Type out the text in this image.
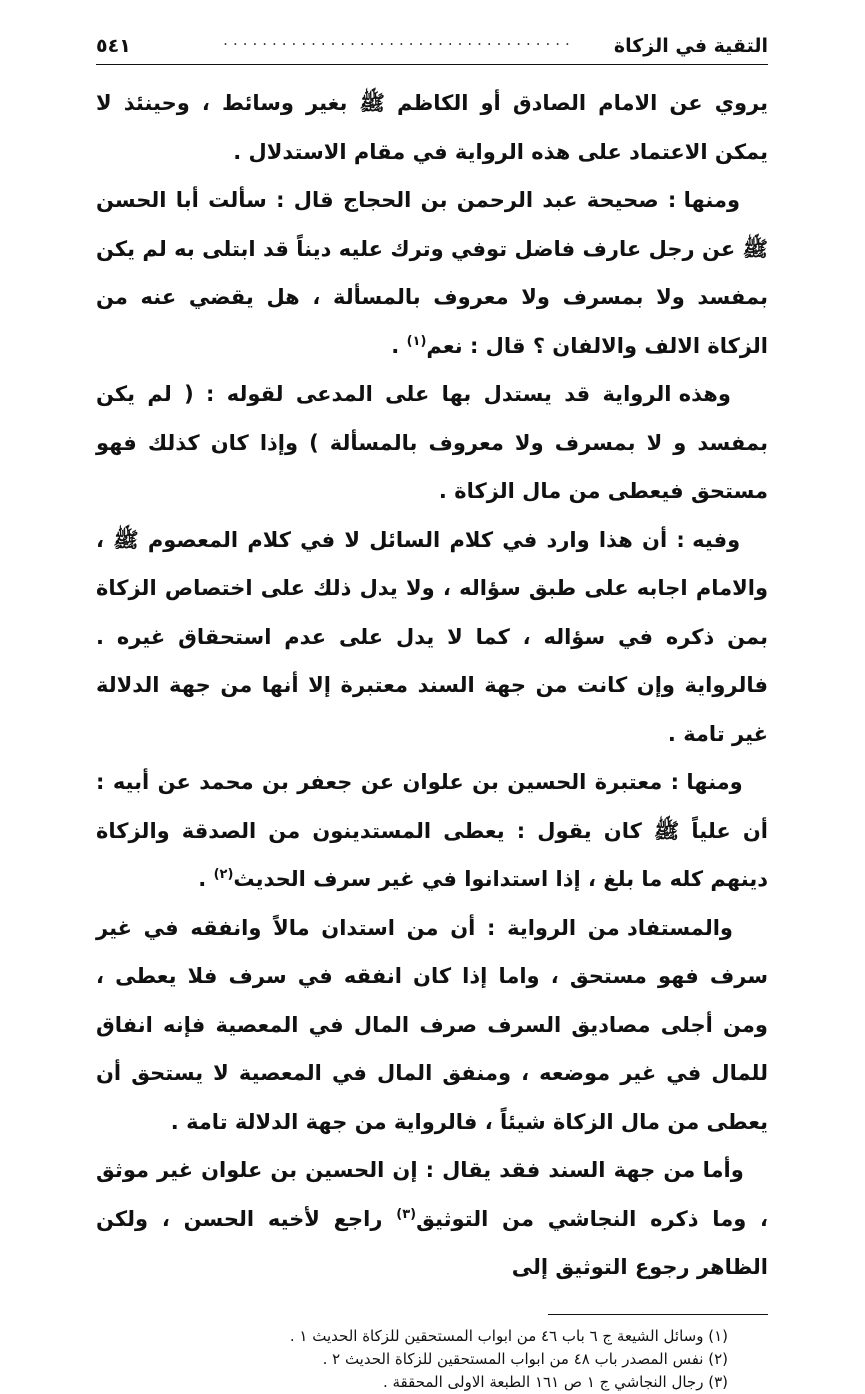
التقية في الزكاة
....................................
٥٤١

يروي عن الامام الصادق أو الكاظم ﷺ بغير وسائط ، وحينئذ لا يمكن الاعتماد على هذه الرواية في مقام الاستدلال .

ومنها : صحيحة عبد الرحمن بن الحجاج قال : سألت أبا الحسن ﷺ عن رجل عارف فاضل توفي وترك عليه ديناً قد ابتلى به لم يكن بمفسد ولا بمسرف ولا معروف بالمسألة ، هل يقضي عنه من الزكاة الالف والالفان ؟ قال : نعم$^{(١)}$ .

وهذه الرواية قد يستدل بها على المدعى لقوله : ( لم يكن بمفسد و لا بمسرف ولا معروف بالمسألة ) وإذا كان كذلك فهو مستحق فيعطى من مال الزكاة .

وفيه : أن هذا وارد في كلام السائل لا في كلام المعصوم ﷺ ، والامام اجابه على طبق سؤاله ، ولا يدل ذلك على اختصاص الزكاة بمن ذكره في سؤاله ، كما لا يدل على عدم استحقاق غيره . فالرواية وإن كانت من جهة السند معتبرة إلا أنها من جهة الدلالة غير تامة .

ومنها : معتبرة الحسين بن علوان عن جعفر بن محمد عن أبيه : أن علياً ﷺ كان يقول : يعطى المستدينون من الصدقة والزكاة دينهم كله ما بلغ ، إذا استدانوا في غير سرف الحديث$^{(٢)}$ .

والمستفاد من الرواية : أن من استدان مالاً وانفقه في غير سرف فهو مستحق ، واما إذا كان انفقه في سرف فلا يعطى ، ومن أجلى مصاديق السرف صرف المال في المعصية فإنه انفاق للمال في غير موضعه ، ومنفق المال في المعصية لا يستحق أن يعطى من مال الزكاة شيئاً ، فالرواية من جهة الدلالة تامة .

وأما من جهة السند فقد يقال : إن الحسين بن علوان غير موثق ، وما ذكره النجاشي من التوثيق$^{(٣)}$ راجع لأخيه الحسن ، ولكن الظاهر رجوع التوثيق إلى

(١) وسائل الشيعة ج ٦ باب ٤٦ من ابواب المستحقين للزكاة الحديث ١ .
(٢) نفس المصدر باب ٤٨ من ابواب المستحقين للزكاة الحديث ٢ .
(٣) رجال النجاشي ج ١ ص ١٦١ الطبعة الاولى المحققة .
